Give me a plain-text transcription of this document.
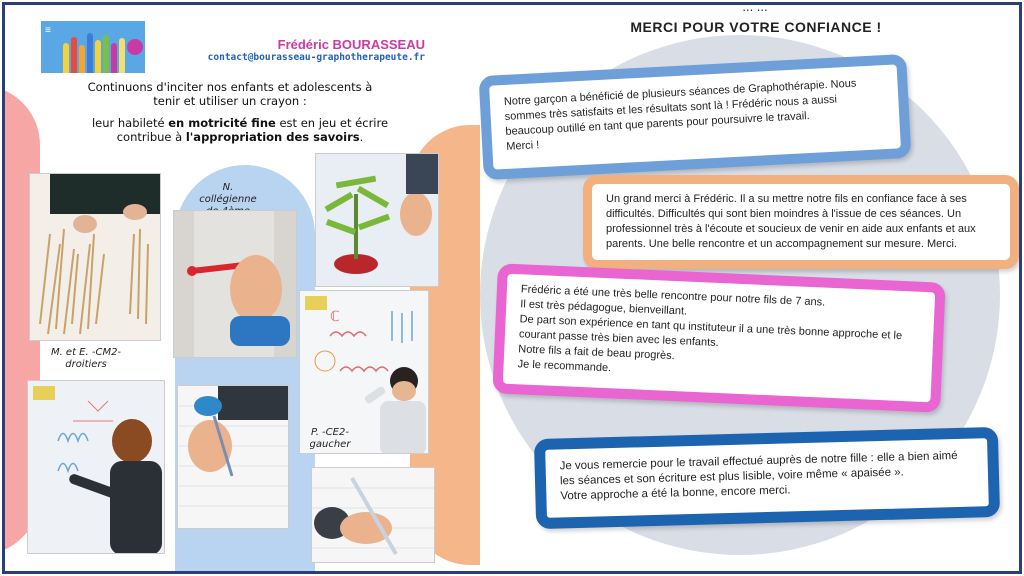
≡
Frédéric BOURASSEAU
contact@bourasseau-graphotherapeute.fr
Continuons d'inciter nos enfants et adolescents à tenir et utiliser un crayon :
leur habileté en motricité fine est en jeu et écrire contribue à l'appropriation des savoirs.
N. collégienne
ℂ
M. et E. -CM2- droitiers
P. -CE2- gaucher
... ...
MERCI POUR VOTRE CONFIANCE !

Notre garçon a bénéficié de plusieurs séances de Graphothérapie. Nous sommes très satisfaits et les résultats sont là ! Frédéric nous a aussi beaucoup outillé en tant que parents pour poursuivre le travail.
Merci !

Un grand merci à Frédéric. Il a su mettre notre fils en confiance face à ses difficultés. Difficultés qui sont bien moindres à l'issue de ces séances. Un professionnel très à l'écoute et soucieux de venir en aide aux enfants et aux parents. Une belle rencontre et un accompagnement sur mesure. Merci.

Frédéric a été une très belle rencontre pour notre fils de 7 ans.
Il est très pédagogue, bienveillant.
De part son expérience en tant qu instituteur il a une très bonne approche et le courant passe très bien avec les enfants.
Notre fils a fait de beau progrès.
Je le recommande.

Je vous remercie pour le travail effectué auprès de notre fille : elle a bien aimé les séances et son écriture est plus lisible, voire même « apaisée ».
Votre approche a été la bonne, encore merci.
